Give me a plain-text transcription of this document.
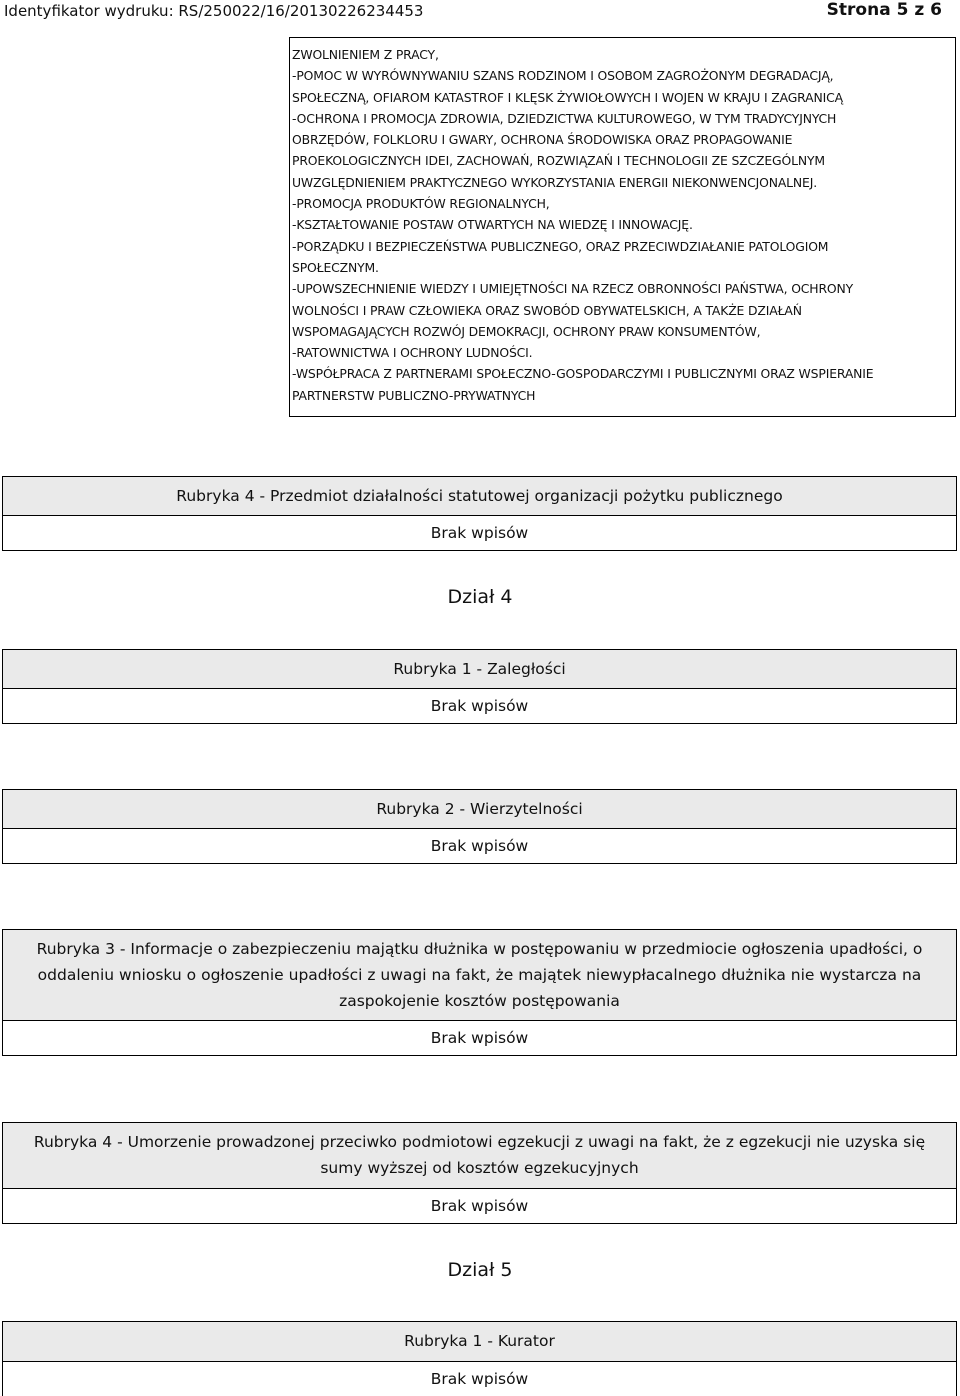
Identyfikator wydruku: RS/250022/16/20130226234453	Strona 5 z 6
ZWOLNIENIEM Z PRACY,
-POMOC W WYRÓWNYWANIU SZANS RODZINOM I OSOBOM ZAGROŻONYM DEGRADACJĄ,
SPOŁECZNĄ, OFIAROM KATASTROF I KLĘSK ŻYWIOŁOWYCH I WOJEN W KRAJU I ZAGRANICĄ
-OCHRONA I PROMOCJA ZDROWIA, DZIEDZICTWA KULTUROWEGO, W TYM TRADYCYJNYCH
OBRZĘDÓW, FOLKLORU I GWARY, OCHRONA ŚRODOWISKA ORAZ PROPAGOWANIE
PROEKOLOGICZNYCH IDEI, ZACHOWAŃ, ROZWIĄZAŃ I TECHNOLOGII ZE SZCZEGÓLNYM
UWZGLĘDNIENIEM PRAKTYCZNEGO WYKORZYSTANIA ENERGII NIEKONWENCJONALNEJ.
-PROMOCJA PRODUKTÓW REGIONALNYCH,
-KSZTAŁTOWANIE POSTAW OTWARTYCH NA WIEDZĘ I INNOWACJĘ.
-PORZĄDKU I BEZPIECZEŃSTWA PUBLICZNEGO, ORAZ PRZECIWDZIAŁANIE PATOLOGIOM
SPOŁECZNYM.
-UPOWSZECHNIENIE WIEDZY I UMIEJĘTNOŚCI NA RZECZ OBRONNOŚCI PAŃSTWA, OCHRONY
WOLNOŚCI I PRAW CZŁOWIEKA ORAZ SWOBÓD OBYWATELSKICH, A TAKŻE DZIAŁAŃ
WSPOMAGAJĄCYCH ROZWÓJ DEMOKRACJI, OCHRONY PRAW KONSUMENTÓW,
-RATOWNICTWA I OCHRONY LUDNOŚCI.
-WSPÓŁPRACA Z PARTNERAMI SPOŁECZNO-GOSPODARCZYMI I PUBLICZNYMI ORAZ WSPIERANIE
PARTNERSTW PUBLICZNO-PRYWATNYCH
Rubryka 4 - Przedmiot działalności statutowej organizacji pożytku publicznego
Brak wpisów
Dział 4
Rubryka 1 - Zaległości
Brak wpisów
Rubryka 2 - Wierzytelności
Brak wpisów
Rubryka 3 - Informacje o zabezpieczeniu majątku dłużnika w postępowaniu w przedmiocie ogłoszenia upadłości, o
oddaleniu wniosku o ogłoszenie upadłości z uwagi na fakt, że majątek niewypłacalnego dłużnika nie wystarcza na
zaspokojenie kosztów postępowania
Brak wpisów
Rubryka 4 - Umorzenie prowadzonej przeciwko podmiotowi egzekucji z uwagi na fakt, że z egzekucji nie uzyska się
sumy wyższej od kosztów egzekucyjnych
Brak wpisów
Dział 5
Rubryka 1 - Kurator
Brak wpisów
